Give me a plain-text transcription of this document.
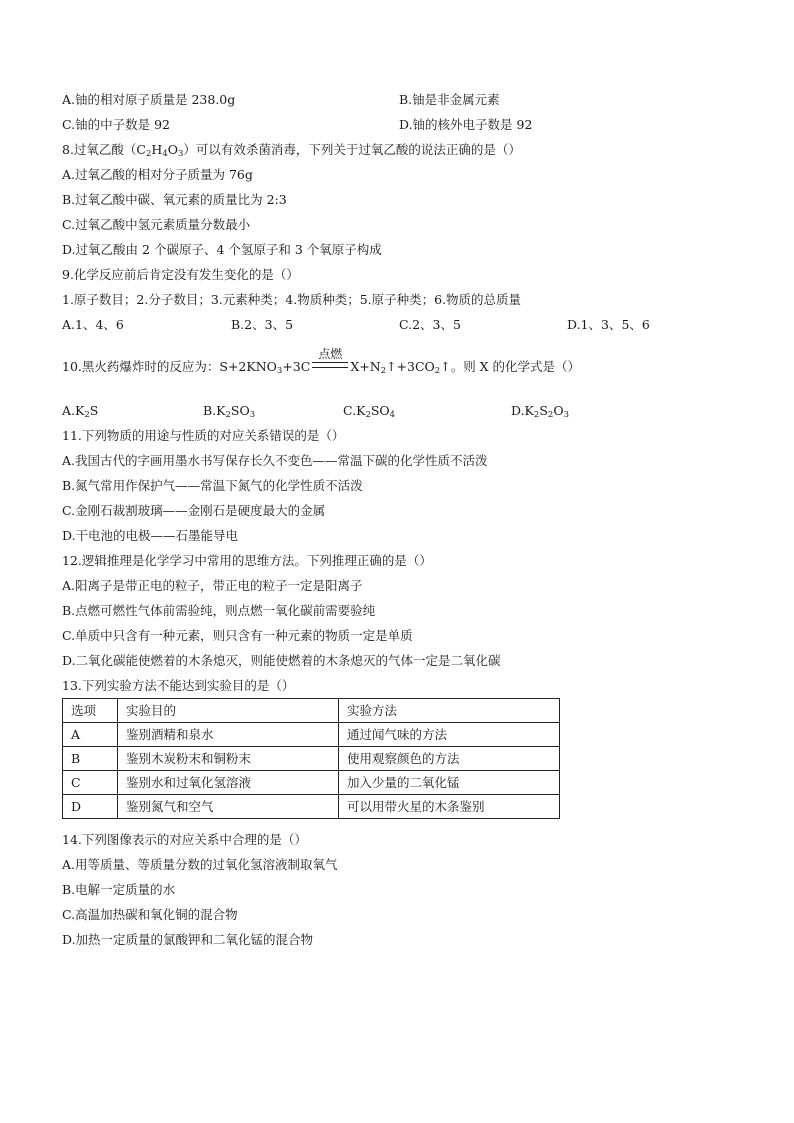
A.铀的相对原子质量是 238.0g	B.铀是非金属元素
C.铀的中子数是 92	D.铀的核外电子数是 92
8.过氧乙酸$(C_2H_4O_3)$可以有效杀菌消毒，下列关于过氧乙酸的说法正确的是（）
A.过氧乙酸的相对分子质量为 76g
B.过氧乙酸中碳、氧元素的质量比为 2:3
C.过氧乙酸中氢元素质量分数最小
D.过氧乙酸由 2 个碳原子、4 个氢原子和 3 个氧原子构成
9.化学反应前后肯定没有发生变化的是（）
1.原子数目；2.分子数目；3.元素种类；4.物质种类；5.原子种类；6.物质的总质量
A.1、4、6	B.2、3、5	C.2、3、5	D.1、3、5、6
10.黑火药爆炸时的反应为：$S+2KNO_3+3C$
点燃
$X+N_2↑+3CO_2↑$。则 X 的化学式是（）
$A.K_2S$	$B.K_2SO_3$	$C.K_2SO_4$	$D.K_2S_2O_3$
11.下列物质的用途与性质的对应关系错误的是（）
A.我国古代的字画用墨水书写保存长久不变色——常温下碳的化学性质不活泼
B.氮气常用作保护气——常温下氮气的化学性质不活泼
C.金刚石裁割玻璃——金刚石是硬度最大的金属
D.干电池的电极——石墨能导电
12.逻辑推理是化学学习中常用的思维方法。下列推理正确的是（）
A.阳离子是带正电的粒子，带正电的粒子一定是阳离子
B.点燃可燃性气体前需验纯，则点燃一氧化碳前需要验纯
C.单质中只含有一种元素，则只含有一种元素的物质一定是单质
D.二氧化碳能使燃着的木条熄灭，则能使燃着的木条熄灭的气体一定是二氧化碳
13.下列实验方法不能达到实验目的是（）
选项	实验目的	实验方法
A	鉴别酒精和泉水	通过闻气味的方法
B	鉴别木炭粉末和铜粉末	使用观察颜色的方法
C	鉴别水和过氧化氢溶液	加入少量的二氧化锰
D	鉴别氮气和空气	可以用带火星的木条鉴别
14.下列图像表示的对应关系中合理的是（）
A.用等质量、等质量分数的过氧化氢溶液制取氧气
B.电解一定质量的水
C.高温加热碳和氧化铜的混合物
D.加热一定质量的氯酸钾和二氧化锰的混合物
